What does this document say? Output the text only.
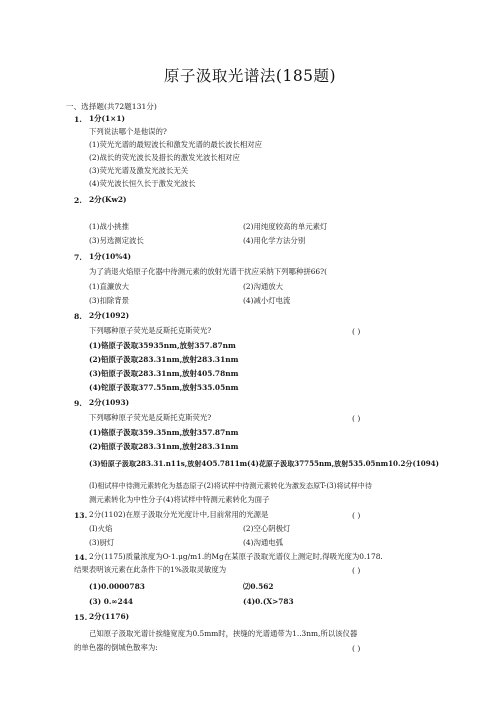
原子汲取光谱法(185题)
一、选择题(共72题131分)
1. 1分(1×1)
下列说法哪个是他误的?
(1)荧光光谱的最短波长和激发光谱的最长波长相对应
(2)战长的荧光波长及措长的激发光波长相对应
(3)荧光光谱及激发光波长无关
(4)荧光波长恒久长于激发光波长
2. 2分(Kw2)
(1)战小挑推	(2)用纯度较高的单元素灯
(3)另选测定波长	(4)用化学方法分别
7. 1分(10%4)
为了消退火焰原子化器中待测元素的放射光谱干扰应采纳下列哪种拼66?(
(1)直濂放大	(2)沟通放大
(3)扣除背景	(4)减小灯电流
8. 2分(1092)
下列哪种原子荧光是反斯托克斯荧光?	( )
(1)铬原子汲取35935nm,放射357.87nm
(2)铅原子汲取283.31nm,放射283.31nm
(3)铅原子汲取283.31nm,放射405.78nm
(4)铊原子汲取377.55nm,放射535.05nm
9. 2分(1093)
下列哪种原子荧光是反斯托克斯荧光?	( )
(1)铬原子汲取359.35nm,放射357.87nm
(2)铅原子汲取283.31nm,放射283.31nm
(3)铅原子汲取283.31.n11s,放射4O5.7811m(4)花原子汲取37755nm,放射535.05nm10.2分(1094)
(I)相试样中待测元素转化为基态原子(2)将试样中待测元素转化为激发态原T-(3)将试样中待
测元素转化为中性分子(4)将试样中特测元素转化为面子
13. 2分(1102)在原子汲取分光光度计中,目前常用的光源是	( )
(I)火焰	(2)空心阴极灯
(3)厨灯	(4)沟通电弧
14. 2分(1175)质量浓度为O·1.μg/m1.的Mg在某原子汲取光谱仪上测定时,得吸光度为0.178.
结果表明该元素在此条件下的1%汲取灵敏度为	( )
(1)0.0000783	⑵0.562
(3) 0.∞244	(4)0.(X>783
15. 2分(1176)
己知原子汲取光谱计挨缝宽度为0.5mm时，挟缝的光谱通带为1..3nm,所以该仪器
的单色器的倒城色散率为:	( )
